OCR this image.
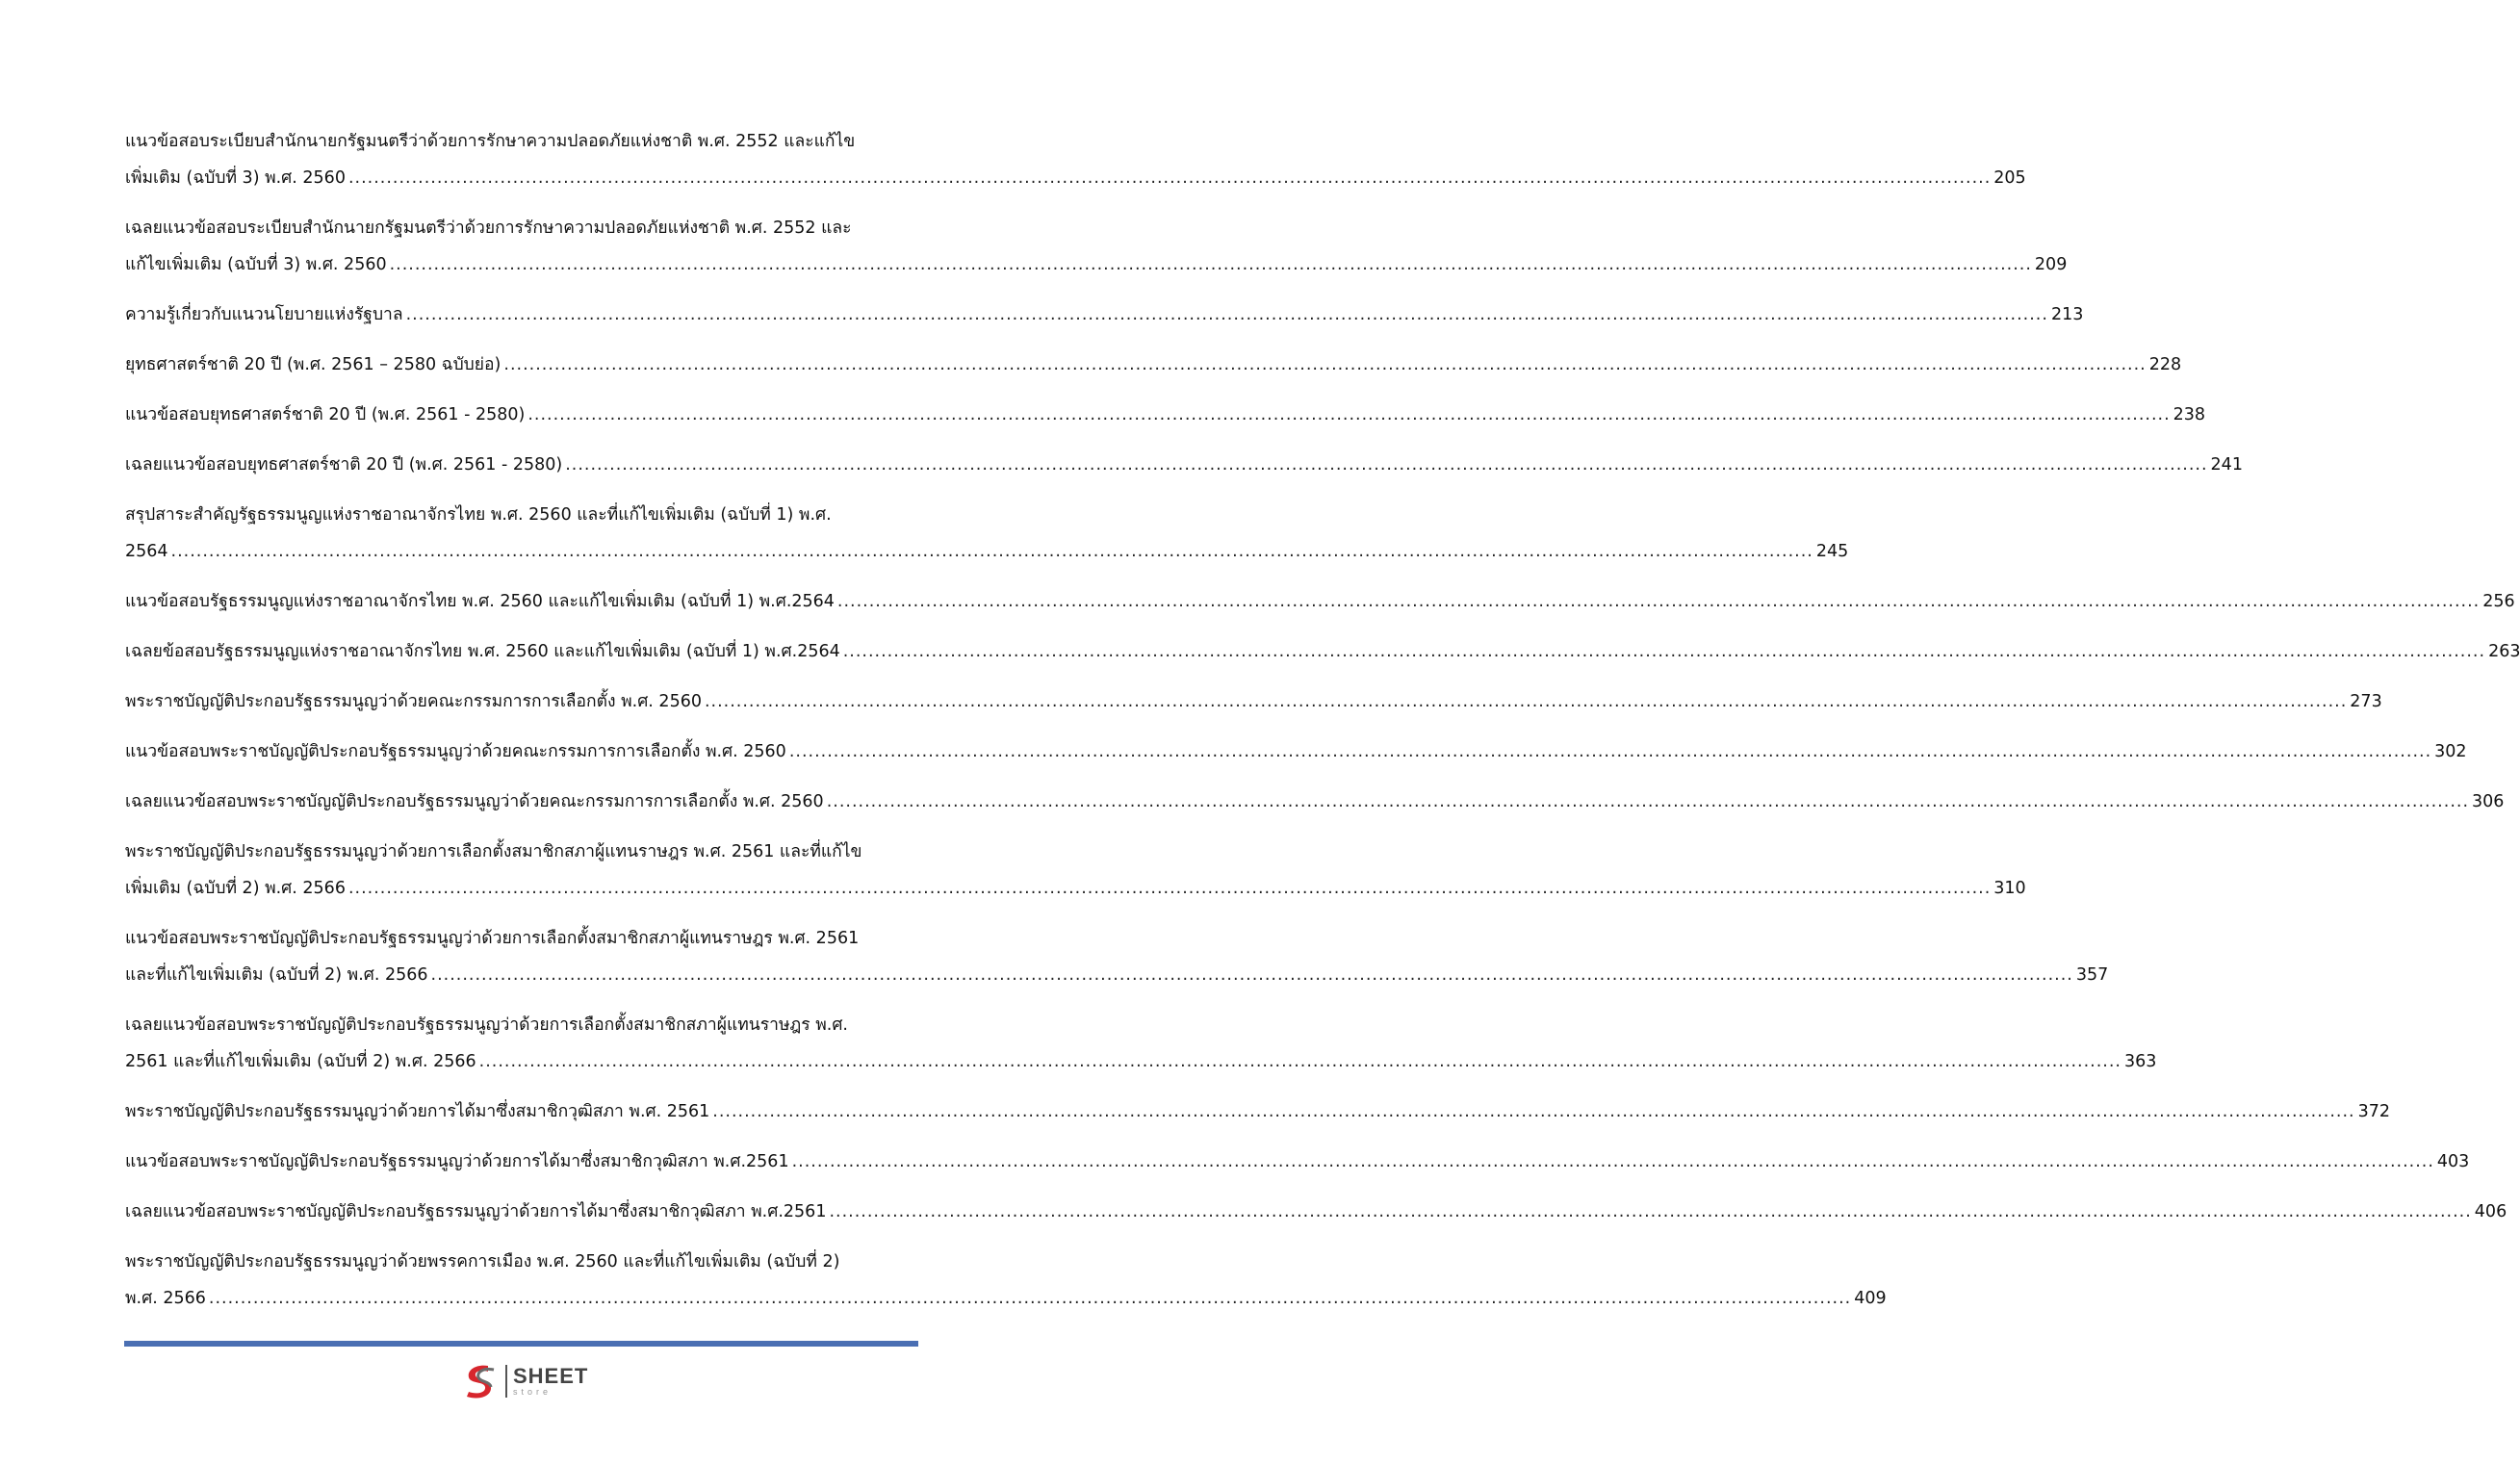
แนวข้อสอบระเบียบสำนักนายกรัฐมนตรีว่าด้วยการรักษาความปลอดภัยแห่งชาติ พ.ศ. 2552 และแก้ไข
เพิ่มเติม (ฉบับที่ 3) พ.ศ. 2560 .....	205
เฉลยแนวข้อสอบระเบียบสำนักนายกรัฐมนตรีว่าด้วยการรักษาความปลอดภัยแห่งชาติ พ.ศ. 2552 และ
แก้ไขเพิ่มเติม (ฉบับที่ 3) พ.ศ. 2560 .....	209
ความรู้เกี่ยวกับแนวนโยบายแห่งรัฐบาล .....	213
ยุทธศาสตร์ชาติ 20 ปี (พ.ศ. 2561 – 2580 ฉบับย่อ) .....	228
แนวข้อสอบยุทธศาสตร์ชาติ 20 ปี (พ.ศ. 2561 - 2580) .....	238
เฉลยแนวข้อสอบยุทธศาสตร์ชาติ 20 ปี (พ.ศ. 2561 - 2580) .....	241
สรุปสาระสำคัญรัฐธรรมนูญแห่งราชอาณาจักรไทย พ.ศ. 2560 และที่แก้ไขเพิ่มเติม (ฉบับที่ 1) พ.ศ.
2564 .....	245
แนวข้อสอบรัฐธรรมนูญแห่งราชอาณาจักรไทย พ.ศ. 2560 และแก้ไขเพิ่มเติม (ฉบับที่ 1) พ.ศ.2564 .....	256
เฉลยข้อสอบรัฐธรรมนูญแห่งราชอาณาจักรไทย พ.ศ. 2560 และแก้ไขเพิ่มเติม (ฉบับที่ 1) พ.ศ.2564 .....	263
พระราชบัญญัติประกอบรัฐธรรมนูญว่าด้วยคณะกรรมการการเลือกตั้ง พ.ศ. 2560 .....	273
แนวข้อสอบพระราชบัญญัติประกอบรัฐธรรมนูญว่าด้วยคณะกรรมการการเลือกตั้ง พ.ศ. 2560 .....	302
เฉลยแนวข้อสอบพระราชบัญญัติประกอบรัฐธรรมนูญว่าด้วยคณะกรรมการการเลือกตั้ง พ.ศ. 2560 .....	306
พระราชบัญญัติประกอบรัฐธรรมนูญว่าด้วยการเลือกตั้งสมาชิกสภาผู้แทนราษฎร พ.ศ. 2561 และที่แก้ไข
เพิ่มเติม (ฉบับที่ 2) พ.ศ. 2566 .....	310
แนวข้อสอบพระราชบัญญัติประกอบรัฐธรรมนูญว่าด้วยการเลือกตั้งสมาชิกสภาผู้แทนราษฎร พ.ศ. 2561
และที่แก้ไขเพิ่มเติม (ฉบับที่ 2) พ.ศ. 2566 .....	357
เฉลยแนวข้อสอบพระราชบัญญัติประกอบรัฐธรรมนูญว่าด้วยการเลือกตั้งสมาชิกสภาผู้แทนราษฎร พ.ศ.
2561 และที่แก้ไขเพิ่มเติม (ฉบับที่ 2) พ.ศ. 2566 .....	363
พระราชบัญญัติประกอบรัฐธรรมนูญว่าด้วยการได้มาซึ่งสมาชิกวุฒิสภา พ.ศ. 2561 .....	372
แนวข้อสอบพระราชบัญญัติประกอบรัฐธรรมนูญว่าด้วยการได้มาซึ่งสมาชิกวุฒิสภา พ.ศ.2561 .....	403
เฉลยแนวข้อสอบพระราชบัญญัติประกอบรัฐธรรมนูญว่าด้วยการได้มาซึ่งสมาชิกวุฒิสภา พ.ศ.2561 .....	406
พระราชบัญญัติประกอบรัฐธรรมนูญว่าด้วยพรรคการเมือง พ.ศ. 2560 และที่แก้ไขเพิ่มเติม (ฉบับที่ 2)
พ.ศ. 2566 .....	409
SHEET
store
